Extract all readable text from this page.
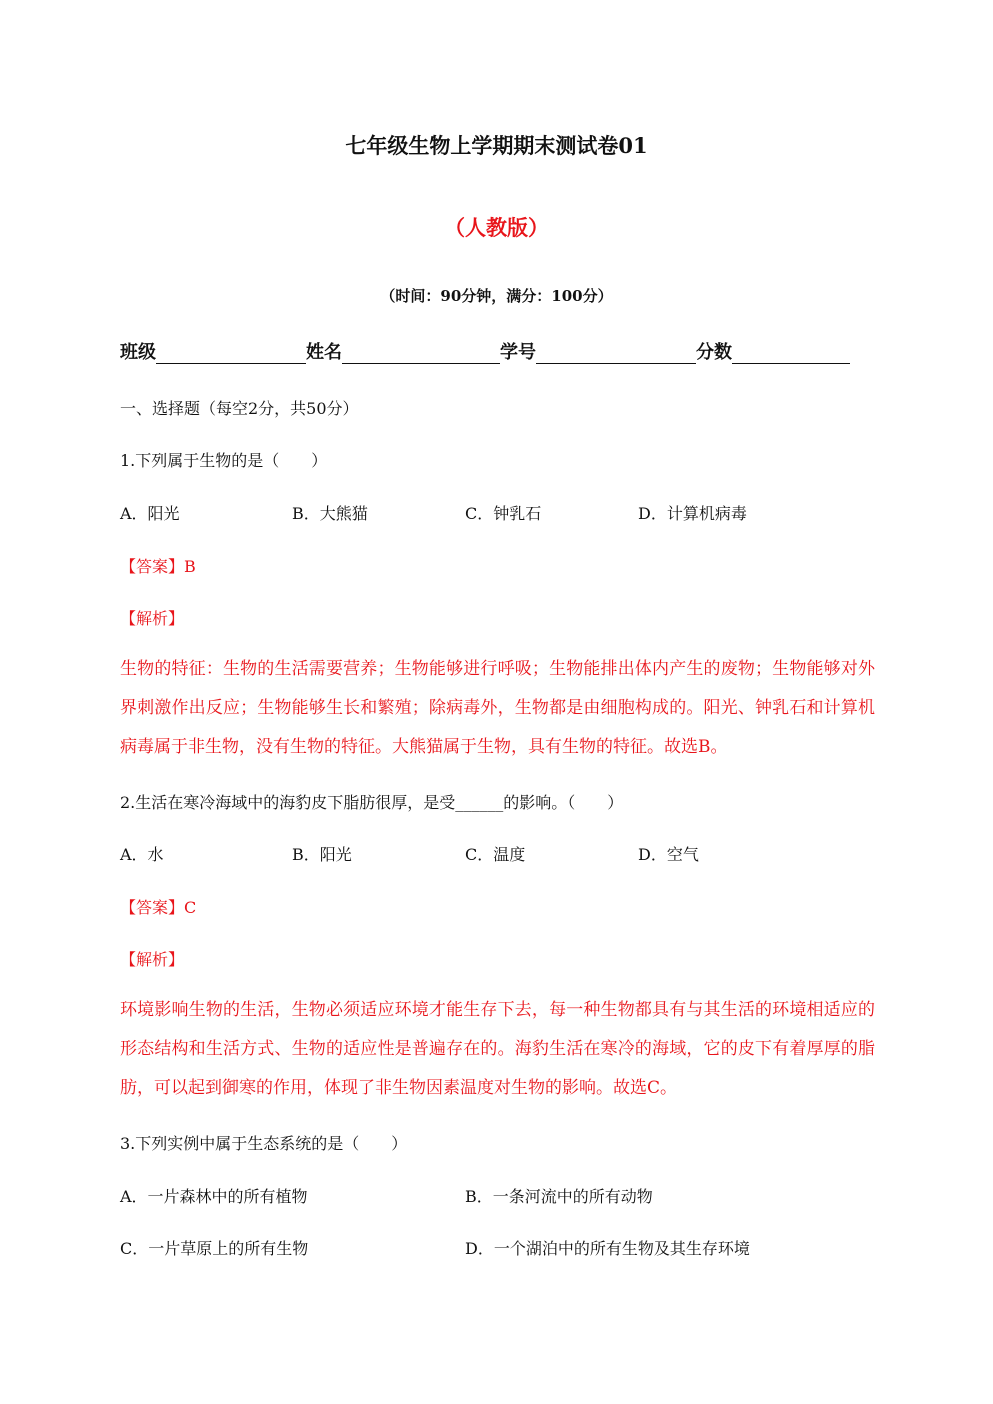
七年级生物上学期期末测试卷01
（人教版）
（时间：90分钟，满分：100分）
班级	姓名	学号	分数
一、选择题（每空2分，共50分）
1.下列属于生物的是（　　）
A．阳光	B．大熊猫	C．钟乳石	D．计算机病毒
【答案】B
【解析】
生物的特征：生物的生活需要营养；生物能够进行呼吸；生物能排出体内产生的废物；生物能够对外界刺激作出反应；生物能够生长和繁殖；除病毒外，生物都是由细胞构成的。阳光、钟乳石和计算机病毒属于非生物，没有生物的特征。大熊猫属于生物，具有生物的特征。故选B。
2.生活在寒冷海域中的海豹皮下脂肪很厚，是受______的影响。（　　）
A．水	B．阳光	C．温度	D．空气
【答案】C
【解析】
环境影响生物的生活，生物必须适应环境才能生存下去，每一种生物都具有与其生活的环境相适应的形态结构和生活方式、生物的适应性是普遍存在的。海豹生活在寒冷的海域，它的皮下有着厚厚的脂肪，可以起到御寒的作用，体现了非生物因素温度对生物的影响。故选C。
3.下列实例中属于生态系统的是（　　）
A．一片森林中的所有植物	B．一条河流中的所有动物
C．一片草原上的所有生物	D．一个湖泊中的所有生物及其生存环境
